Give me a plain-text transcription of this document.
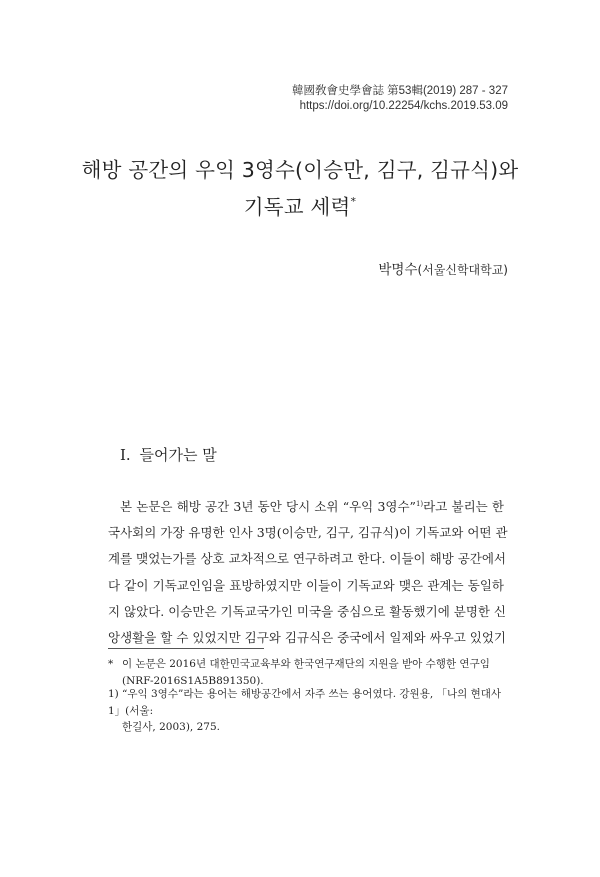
韓國敎會史學會誌 第53輯(2019) 287 - 327
https://doi.org/10.22254/kchs.2019.53.09
해방 공간의 우익 3영수(이승만, 김구, 김규식)와
기독교 세력*
박명수(서울신학대학교)
I. 들어가는 말
본 논문은 해방 공간 3년 동안 당시 소위 “우익 3영수”$^{1)}$라고 불리는 한
국사회의 가장 유명한 인사 3명(이승만, 김구, 김규식)이 기독교와 어떤 관
계를 맺었는가를 상호 교차적으로 연구하려고 한다. 이들이 해방 공간에서
다 같이 기독교인임을 표방하였지만 이들이 기독교와 맺은 관계는 동일하
지 않았다. 이승만은 기독교국가인 미국을 중심으로 활동했기에 분명한 신
앙생활을 할 수 있었지만 김구와 김규식은 중국에서 일제와 싸우고 있었기
* 이 논문은 2016년 대한민국교육부와 한국연구재단의 지원을 받아 수행한 연구임
(NRF-2016S1A5B891350).
1) “우익 3영수”라는 용어는 해방공간에서 자주 쓰는 용어였다. 강원용, 「나의 현대사 1」(서울:
한길사, 2003), 275.
